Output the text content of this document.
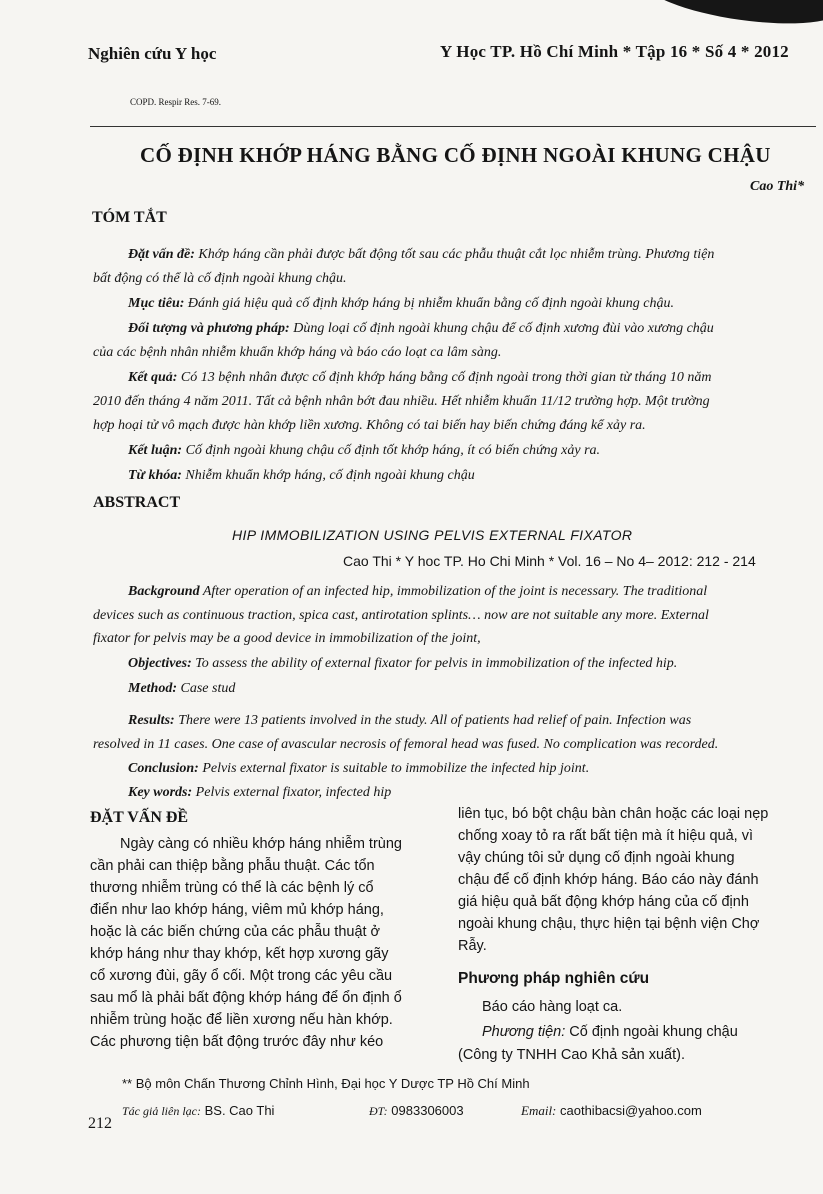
Nghiên cứu Y học	Y Học TP. Hồ Chí Minh * Tập 16 * Số 4 * 2012
COPD. Respir Res. 7-69.
CỐ ĐỊNH KHỚP HÁNG BẰNG CỐ ĐỊNH NGOÀI KHUNG CHẬU
Cao Thi*
TÓM TẮT
Đặt vấn đề: Khớp háng cần phải được bất động tốt sau các phẫu thuật cắt lọc nhiễm trùng. Phương tiện
bất động có thể là cố định ngoài khung chậu.
Mục tiêu: Đánh giá hiệu quả cố định khớp háng bị nhiễm khuẩn bằng cố định ngoài khung chậu.
Đối tượng và phương pháp: Dùng loại cố định ngoài khung chậu để cố định xương đùi vào xương chậu
của các bệnh nhân nhiễm khuẩn khớp háng và báo cáo loạt ca lâm sàng.
Kết quả: Có 13 bệnh nhân được cố định khớp háng bằng cố định ngoài trong thời gian từ tháng 10 năm
2010 đến tháng 4 năm 2011. Tất cả bệnh nhân bớt đau nhiều. Hết nhiễm khuẩn 11/12 trường hợp. Một trường
hợp hoại tử vô mạch được hàn khớp liền xương. Không có tai biến hay biến chứng đáng kể xảy ra.
Kết luận: Cố định ngoài khung chậu cố định tốt khớp háng, ít có biến chứng xảy ra.
Từ khóa: Nhiễm khuẩn khớp háng, cố định ngoài khung chậu
ABSTRACT
HIP IMMOBILIZATION USING PELVIS EXTERNAL FIXATOR
Cao Thi * Y hoc TP. Ho Chi Minh * Vol. 16 – No 4– 2012: 212 - 214
Background After operation of an infected hip, immobilization of the joint is necessary. The traditional
devices such as continuous traction, spica cast, antirotation splints… now are not suitable any more. External
fixator for pelvis may be a good device in immobilization of the joint,
Objectives: To assess the ability of external fixator for pelvis in immobilization of the infected hip.
Method: Case stud
Results: There were 13 patients involved in the study. All of patients had relief of pain. Infection was
resolved in 11 cases. One case of avascular necrosis of femoral head was fused. No complication was recorded.
Conclusion: Pelvis external fixator is suitable to immobilize the infected hip joint.
Key words: Pelvis external fixator, infected hip
ĐẶT VẤN ĐỀ
Ngày càng có nhiều khớp háng nhiễm trùng
cần phải can thiệp bằng phẫu thuật. Các tổn
thương nhiễm trùng có thể là các bệnh lý cổ
điển như lao khớp háng, viêm mủ khớp háng,
hoặc là các biến chứng của các phẫu thuật ở
khớp háng như thay khớp, kết hợp xương gãy
cổ xương đùi, gãy ổ cối. Một trong các yêu cầu
sau mổ là phải bất động khớp háng để ổn định ổ
nhiễm trùng hoặc để liền xương nếu hàn khớp.
Các phương tiện bất động trước đây như kéo
liên tục, bó bột chậu bàn chân hoặc các loại nẹp
chống xoay tỏ ra rất bất tiện mà ít hiệu quả, vì
vậy chúng tôi sử dụng cố định ngoài khung
chậu để cố định khớp háng. Báo cáo này đánh
giá hiệu quả bất động khớp háng của cố định
ngoài khung chậu, thực hiện tại bệnh viện Chợ
Rẫy.
Phương pháp nghiên cứu
Báo cáo hàng loạt ca.
Phương tiện: Cố định ngoài khung chậu
(Công ty TNHH Cao Khả sản xuất).
** Bộ môn Chấn Thương Chỉnh Hình, Đại học Y Dược TP Hồ Chí Minh
Tác giả liên lạc: BS. Cao Thi	ĐT: 0983306003	Email: caothibacsi@yahoo.com
212
